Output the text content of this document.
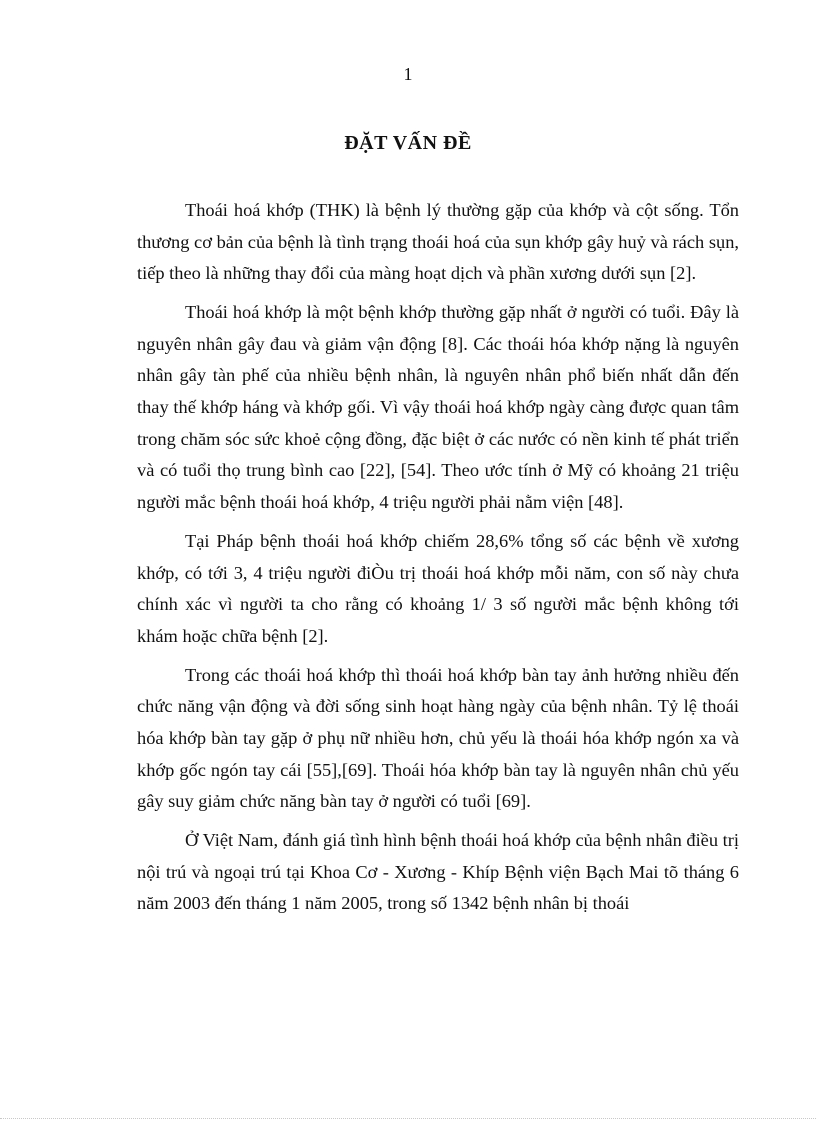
1
ĐẶT VẤN ĐỀ

Thoái hoá khớp (THK) là bệnh lý thường gặp của khớp và cột sống. Tổn thương cơ bản của bệnh là tình trạng thoái hoá của sụn khớp gây huỷ và rách sụn, tiếp theo là những thay đổi của màng hoạt dịch và phần xương dưới sụn [2].

Thoái hoá khớp là một bệnh khớp thường gặp nhất ở người có tuổi. Đây là nguyên nhân gây đau và giảm vận động [8]. Các thoái hóa khớp nặng là nguyên nhân gây tàn phế của nhiều bệnh nhân, là nguyên nhân phổ biến nhất dẫn đến thay thế khớp háng và khớp gối. Vì vậy thoái hoá khớp ngày càng được quan tâm trong chăm sóc sức khoẻ cộng đồng, đặc biệt ở các nước có nền kinh tế phát triển và có tuổi thọ trung bình cao [22], [54]. Theo ước tính ở Mỹ có khoảng 21 triệu người mắc bệnh thoái hoá khớp, 4 triệu người phải nằm viện [48].

Tại Pháp bệnh thoái hoá khớp chiếm 28,6% tổng số các bệnh về xương khớp, có tới 3, 4 triệu người điÒu trị thoái hoá khớp mỗi năm, con số này chưa chính xác vì người ta cho rằng có khoảng 1/ 3 số người mắc bệnh không tới khám hoặc chữa bệnh [2].

Trong các thoái hoá khớp thì thoái hoá khớp bàn tay ảnh hưởng nhiều đến chức năng vận động và đời sống sinh hoạt hàng ngày của bệnh nhân. Tỷ lệ thoái hóa khớp bàn tay gặp ở phụ nữ nhiều hơn, chủ yếu là thoái hóa khớp ngón xa và khớp gốc ngón tay cái [55],[69]. Thoái hóa khớp bàn tay là nguyên nhân chủ yếu gây suy giảm chức năng bàn tay ở người có tuổi [69].

Ở Việt Nam, đánh giá tình hình bệnh thoái hoá khớp của bệnh nhân điều trị nội trú và ngoại trú tại Khoa Cơ - Xương - Khíp Bệnh viện Bạch Mai tõ tháng 6 năm 2003 đến tháng 1 năm 2005, trong số 1342 bệnh nhân bị thoái
